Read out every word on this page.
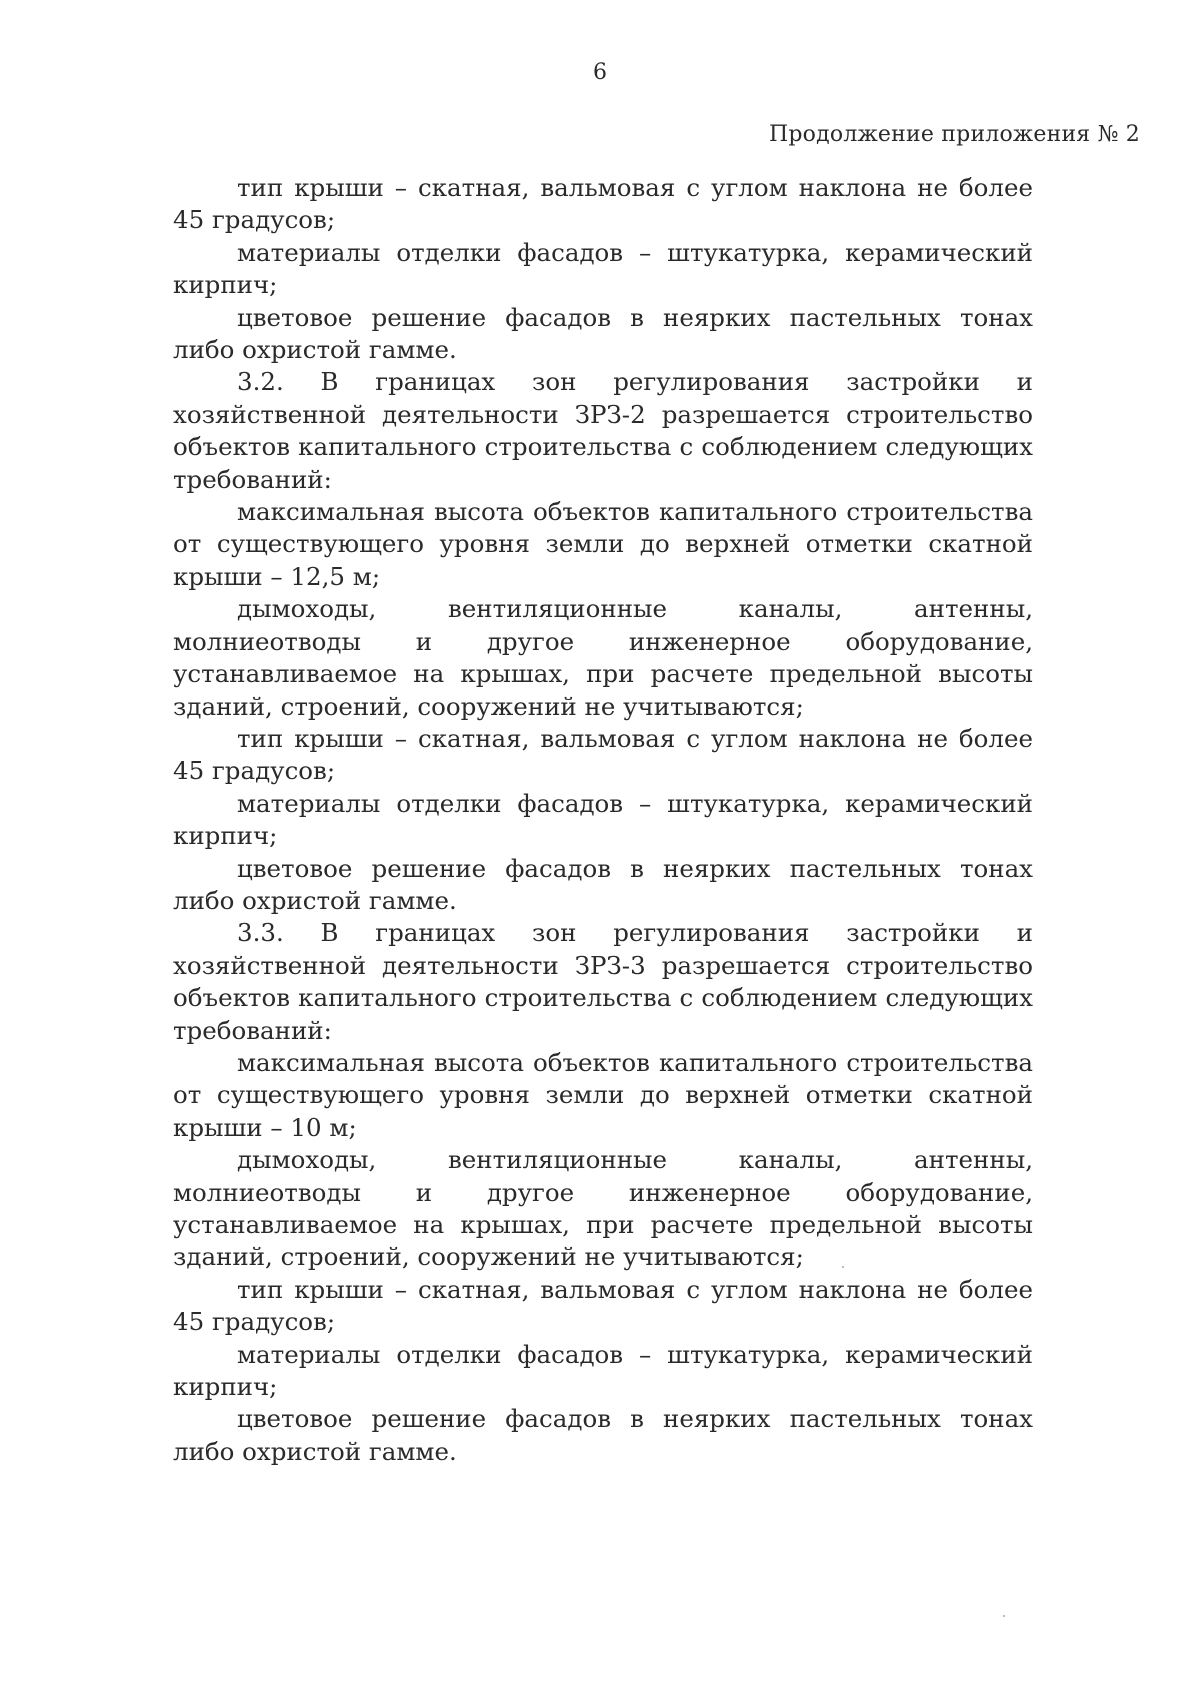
6
Продолжение приложения № 2

тип крыши – скатная, вальмовая с углом наклона не более 45 градусов;

материалы отделки фасадов – штукатурка, керамический кирпич;

цветовое решение фасадов в неярких пастельных тонах либо охристой гамме.

3.2. В границах зон регулирования застройки и хозяйственной деятельности ЗРЗ-2 разрешается строительство объектов капитального строительства с соблюдением следующих требований:

максимальная высота объектов капитального строительства от существующего уровня земли до верхней отметки скатной крыши – 12,5 м;

дымоходы, вентиляционные каналы, антенны, молниеотводы и другое инженерное оборудование, устанавливаемое на крышах, при расчете предельной высоты зданий, строений, сооружений не учитываются;

тип крыши – скатная, вальмовая с углом наклона не более 45 градусов;

материалы отделки фасадов – штукатурка, керамический кирпич;

цветовое решение фасадов в неярких пастельных тонах либо охристой гамме.

3.3. В границах зон регулирования застройки и хозяйственной деятельности ЗРЗ-3 разрешается строительство объектов капитального строительства с соблюдением следующих требований:

максимальная высота объектов капитального строительства от существующего уровня земли до верхней отметки скатной крыши – 10 м;

дымоходы, вентиляционные каналы, антенны, молниеотводы и другое инженерное оборудование, устанавливаемое на крышах, при расчете предельной высоты зданий, строений, сооружений не учитываются;

тип крыши – скатная, вальмовая с углом наклона не более 45 градусов;

материалы отделки фасадов – штукатурка, керамический кирпич;

цветовое решение фасадов в неярких пастельных тонах либо охристой гамме.
